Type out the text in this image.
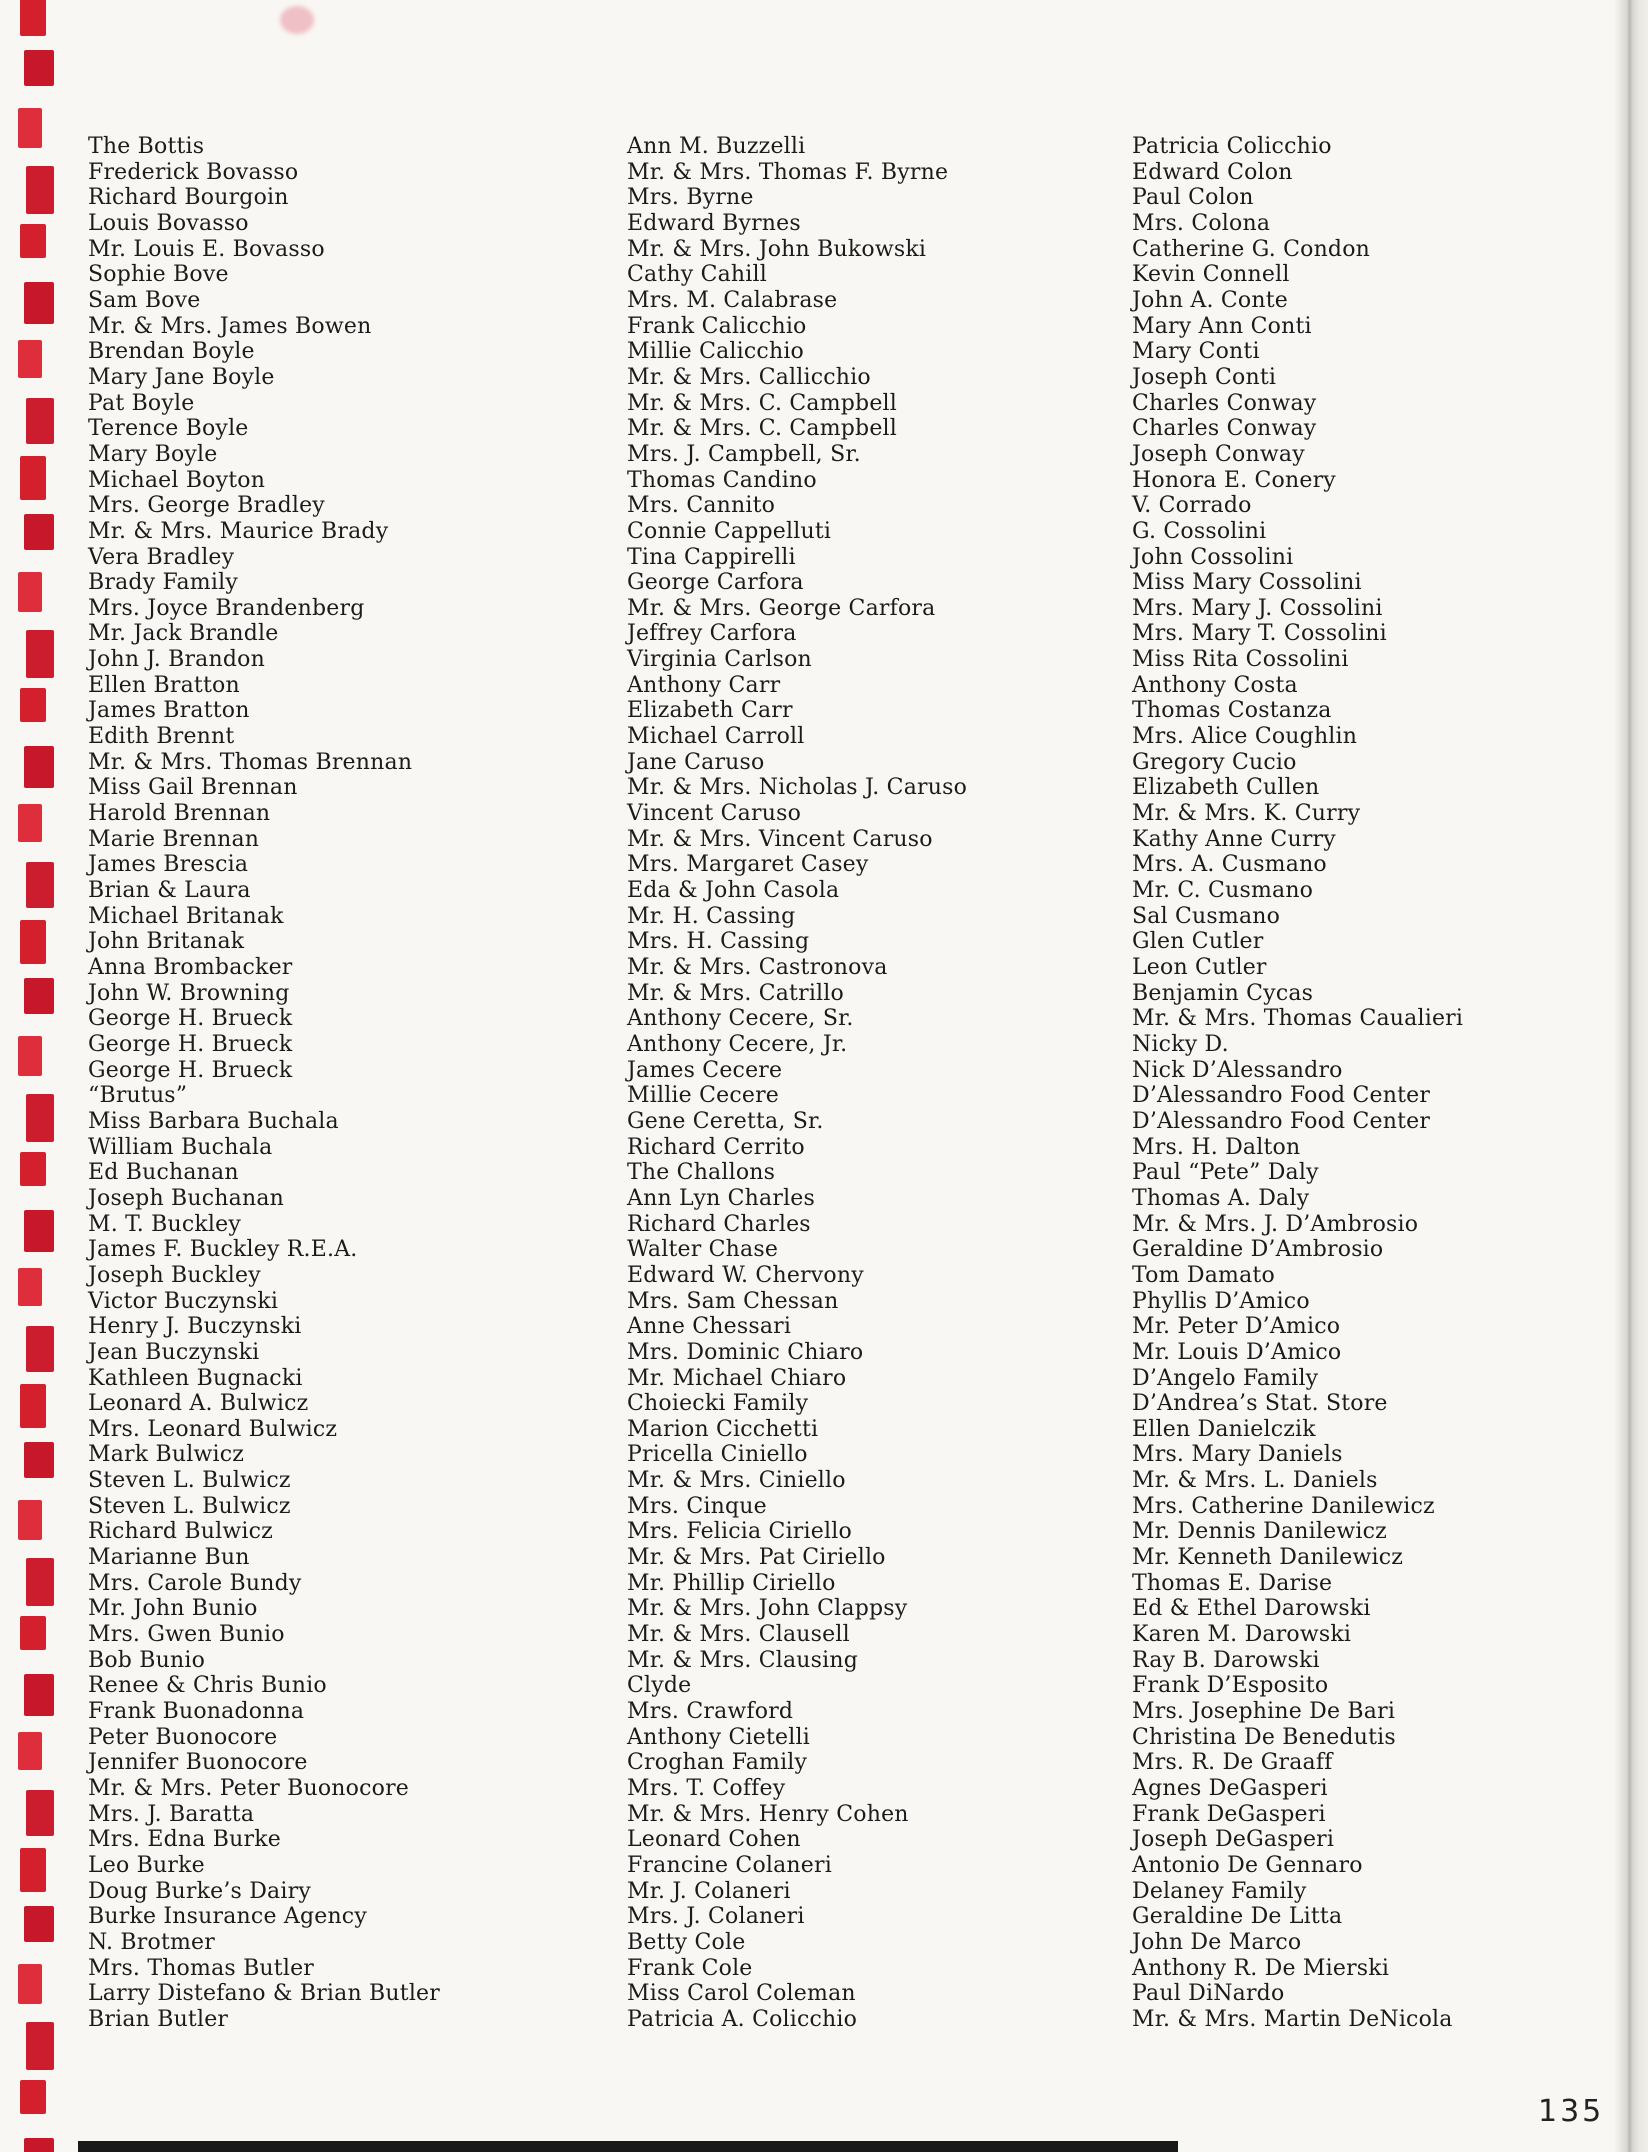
The Bottis
Frederick Bovasso
Richard Bourgoin
Louis Bovasso
Mr. Louis E. Bovasso
Sophie Bove
Sam Bove
Mr. & Mrs. James Bowen
Brendan Boyle
Mary Jane Boyle
Pat Boyle
Terence Boyle
Mary Boyle
Michael Boyton
Mrs. George Bradley
Mr. & Mrs. Maurice Brady
Vera Bradley
Brady Family
Mrs. Joyce Brandenberg
Mr. Jack Brandle
John J. Brandon
Ellen Bratton
James Bratton
Edith Brennt
Mr. & Mrs. Thomas Brennan
Miss Gail Brennan
Harold Brennan
Marie Brennan
James Brescia
Brian & Laura
Michael Britanak
John Britanak
Anna Brombacker
John W. Browning
George H. Brueck
George H. Brueck
George H. Brueck
“Brutus”
Miss Barbara Buchala
William Buchala
Ed Buchanan
Joseph Buchanan
M. T. Buckley
James F. Buckley R.E.A.
Joseph Buckley
Victor Buczynski
Henry J. Buczynski
Jean Buczynski
Kathleen Bugnacki
Leonard A. Bulwicz
Mrs. Leonard Bulwicz
Mark Bulwicz
Steven L. Bulwicz
Steven L. Bulwicz
Richard Bulwicz
Marianne Bun
Mrs. Carole Bundy
Mr. John Bunio
Mrs. Gwen Bunio
Bob Bunio
Renee & Chris Bunio
Frank Buonadonna
Peter Buonocore
Jennifer Buonocore
Mr. & Mrs. Peter Buonocore
Mrs. J. Baratta
Mrs. Edna Burke
Leo Burke
Doug Burke’s Dairy
Burke Insurance Agency
N. Brotmer
Mrs. Thomas Butler
Larry Distefano & Brian Butler
Brian Butler
Ann M. Buzzelli
Mr. & Mrs. Thomas F. Byrne
Mrs. Byrne
Edward Byrnes
Mr. & Mrs. John Bukowski
Cathy Cahill
Mrs. M. Calabrase
Frank Calicchio
Millie Calicchio
Mr. & Mrs. Callicchio
Mr. & Mrs. C. Campbell
Mr. & Mrs. C. Campbell
Mrs. J. Campbell, Sr.
Thomas Candino
Mrs. Cannito
Connie Cappelluti
Tina Cappirelli
George Carfora
Mr. & Mrs. George Carfora
Jeffrey Carfora
Virginia Carlson
Anthony Carr
Elizabeth Carr
Michael Carroll
Jane Caruso
Mr. & Mrs. Nicholas J. Caruso
Vincent Caruso
Mr. & Mrs. Vincent Caruso
Mrs. Margaret Casey
Eda & John Casola
Mr. H. Cassing
Mrs. H. Cassing
Mr. & Mrs. Castronova
Mr. & Mrs. Catrillo
Anthony Cecere, Sr.
Anthony Cecere, Jr.
James Cecere
Millie Cecere
Gene Ceretta, Sr.
Richard Cerrito
The Challons
Ann Lyn Charles
Richard Charles
Walter Chase
Edward W. Chervony
Mrs. Sam Chessan
Anne Chessari
Mrs. Dominic Chiaro
Mr. Michael Chiaro
Choiecki Family
Marion Cicchetti
Pricella Ciniello
Mr. & Mrs. Ciniello
Mrs. Cinque
Mrs. Felicia Ciriello
Mr. & Mrs. Pat Ciriello
Mr. Phillip Ciriello
Mr. & Mrs. John Clappsy
Mr. & Mrs. Clausell
Mr. & Mrs. Clausing
Clyde
Mrs. Crawford
Anthony Cietelli
Croghan Family
Mrs. T. Coffey
Mr. & Mrs. Henry Cohen
Leonard Cohen
Francine Colaneri
Mr. J. Colaneri
Mrs. J. Colaneri
Betty Cole
Frank Cole
Miss Carol Coleman
Patricia A. Colicchio
Patricia Colicchio
Edward Colon
Paul Colon
Mrs. Colona
Catherine G. Condon
Kevin Connell
John A. Conte
Mary Ann Conti
Mary Conti
Joseph Conti
Charles Conway
Charles Conway
Joseph Conway
Honora E. Conery
V. Corrado
G. Cossolini
John Cossolini
Miss Mary Cossolini
Mrs. Mary J. Cossolini
Mrs. Mary T. Cossolini
Miss Rita Cossolini
Anthony Costa
Thomas Costanza
Mrs. Alice Coughlin
Gregory Cucio
Elizabeth Cullen
Mr. & Mrs. K. Curry
Kathy Anne Curry
Mrs. A. Cusmano
Mr. C. Cusmano
Sal Cusmano
Glen Cutler
Leon Cutler
Benjamin Cycas
Mr. & Mrs. Thomas Caualieri
Nicky D.
Nick D’Alessandro
D’Alessandro Food Center
D’Alessandro Food Center
Mrs. H. Dalton
Paul “Pete” Daly
Thomas A. Daly
Mr. & Mrs. J. D’Ambrosio
Geraldine D’Ambrosio
Tom Damato
Phyllis D’Amico
Mr. Peter D’Amico
Mr. Louis D’Amico
D’Angelo Family
D’Andrea’s Stat. Store
Ellen Danielczik
Mrs. Mary Daniels
Mr. & Mrs. L. Daniels
Mrs. Catherine Danilewicz
Mr. Dennis Danilewicz
Mr. Kenneth Danilewicz
Thomas E. Darise
Ed & Ethel Darowski
Karen M. Darowski
Ray B. Darowski
Frank D’Esposito
Mrs. Josephine De Bari
Christina De Benedutis
Mrs. R. De Graaff
Agnes DeGasperi
Frank DeGasperi
Joseph DeGasperi
Antonio De Gennaro
Delaney Family
Geraldine De Litta
John De Marco
Anthony R. De Mierski
Paul DiNardo
Mr. & Mrs. Martin DeNicola
135
